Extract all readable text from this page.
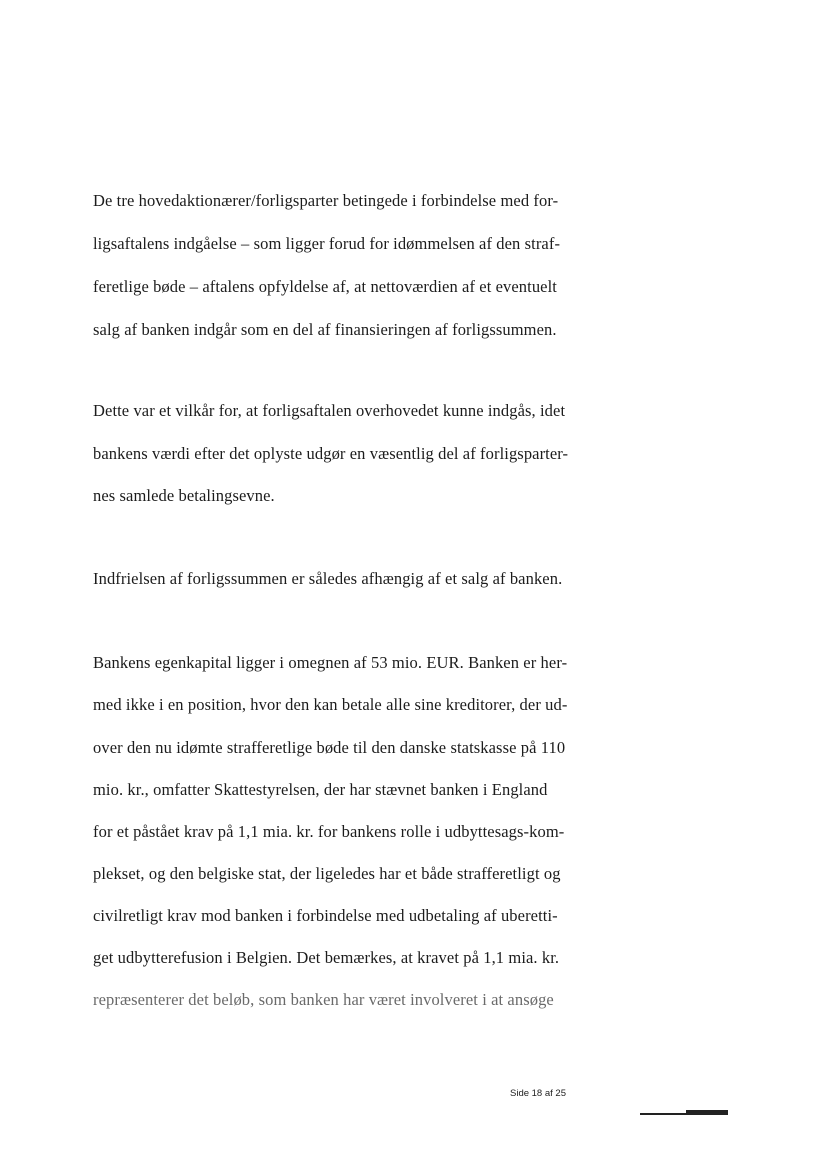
De tre hovedaktionærer/forligsparter betingede i forbindelse med for-
ligsaftalens indgåelse – som ligger forud for idømmelsen af den straf-
feretlige bøde – aftalens opfyldelse af, at nettoværdien af et eventuelt
salg af banken indgår som en del af finansieringen af forligssummen.
Dette var et vilkår for, at forligsaftalen overhovedet kunne indgås, idet
bankens værdi efter det oplyste udgør en væsentlig del af forligsparter-
nes samlede betalingsevne.
Indfrielsen af forligssummen er således afhængig af et salg af banken.
Bankens egenkapital ligger i omegnen af 53 mio. EUR. Banken er her-
med ikke i en position, hvor den kan betale alle sine kreditorer, der ud-
over den nu idømte strafferetlige bøde til den danske statskasse på 110
mio. kr., omfatter Skattestyrelsen, der har stævnet banken i England
for et påstået krav på 1,1 mia. kr. for bankens rolle i udbyttesags-kom-
plekset, og den belgiske stat, der ligeledes har et både strafferetligt og
civilretligt krav mod banken i forbindelse med udbetaling af uberetti-
get udbytterefusion i Belgien. Det bemærkes, at kravet på 1,1 mia. kr.
repræsenterer det beløb, som banken har været involveret i at ansøge
Side 18 af 25
